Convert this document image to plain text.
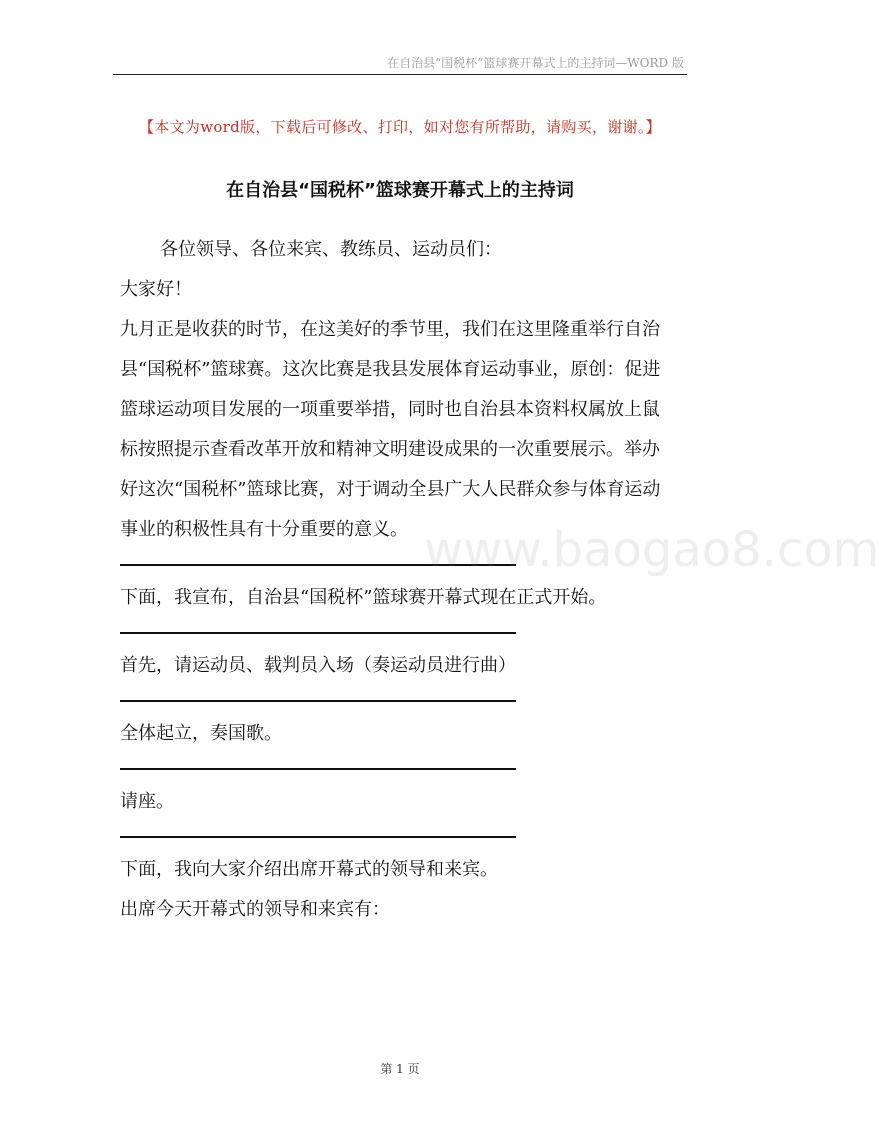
在自治县“国税杯”篮球赛开幕式上的主持词—WORD 版
【本文为word版，下载后可修改、打印，如对您有所帮助，请购买，谢谢。】
在自治县“国税杯”篮球赛开幕式上的主持词
各位领导、各位来宾、教练员、运动员们：
大家好！
九月正是收获的时节，在这美好的季节里，我们在这里隆重举行自治
县“国税杯”篮球赛。这次比赛是我县发展体育运动事业，原创：促进
篮球运动项目发展的一项重要举措，同时也自治县本资料权属放上鼠
标按照提示查看改革开放和精神文明建设成果的一次重要展示。举办
好这次“国税杯”篮球比赛，对于调动全县广大人民群众参与体育运动
事业的积极性具有十分重要的意义。
下面，我宣布，自治县“国税杯”篮球赛开幕式现在正式开始。
首先，请运动员、载判员入场（奏运动员进行曲）
全体起立，奏国歌。
请座。
下面，我向大家介绍出席开幕式的领导和来宾。
出席今天开幕式的领导和来宾有：
www.baogao8.com
第 1 页
